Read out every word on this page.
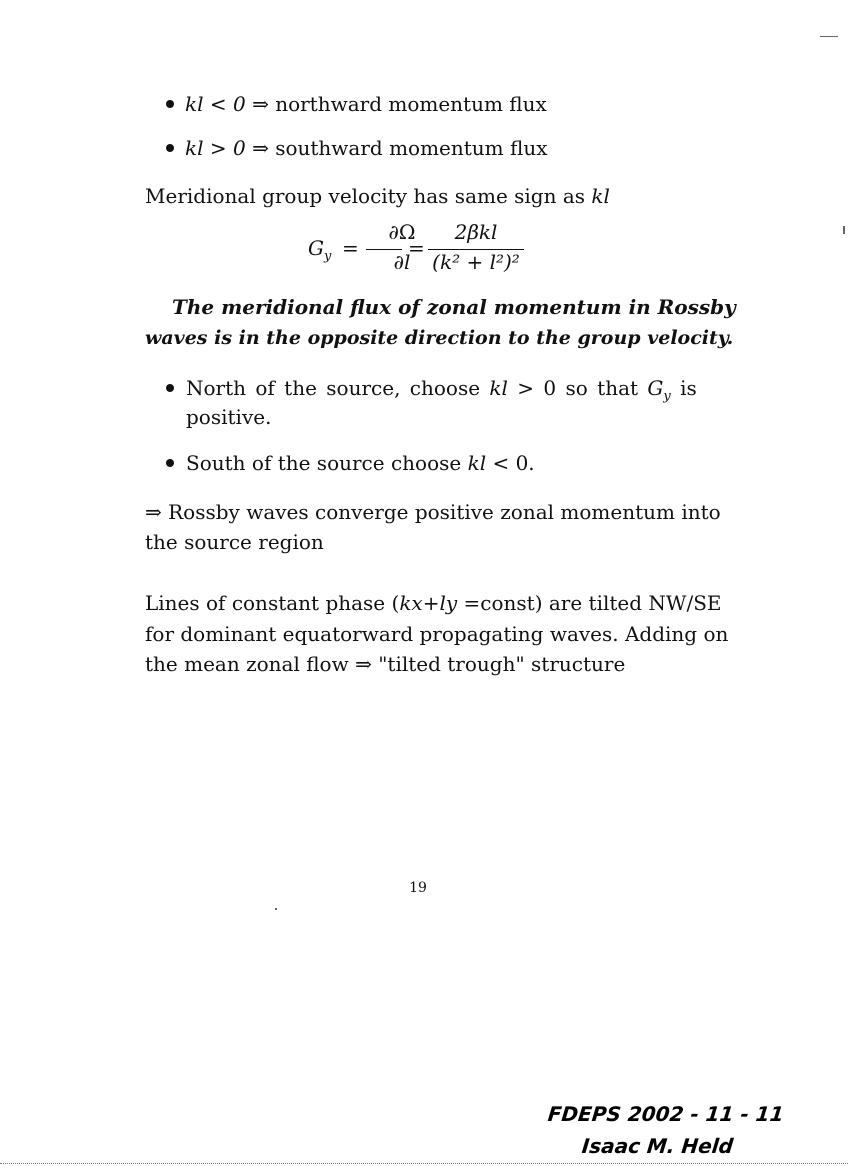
kl < 0 ⇒ northward momentum flux
kl > 0 ⇒ southward momentum flux
Meridional group velocity has same sign as kl
$G_y$ =
∂Ω
∂l
=
2βkl
(k² + l²)²
The meridional flux of zonal momentum in Rossby
waves is in the opposite direction to the group velocity.
North of the source, choose kl > 0 so that $G_y$ is
positive.
South of the source choose kl < 0.
⇒ Rossby waves converge positive zonal momentum into
the source region
Lines of constant phase (kx+ly =const) are tilted NW/SE
for dominant equatorward propagating waves. Adding on
the mean zonal flow ⇒ "tilted trough" structure
19
FDEPS 2002 - 11 - 11
Isaac M. Held
